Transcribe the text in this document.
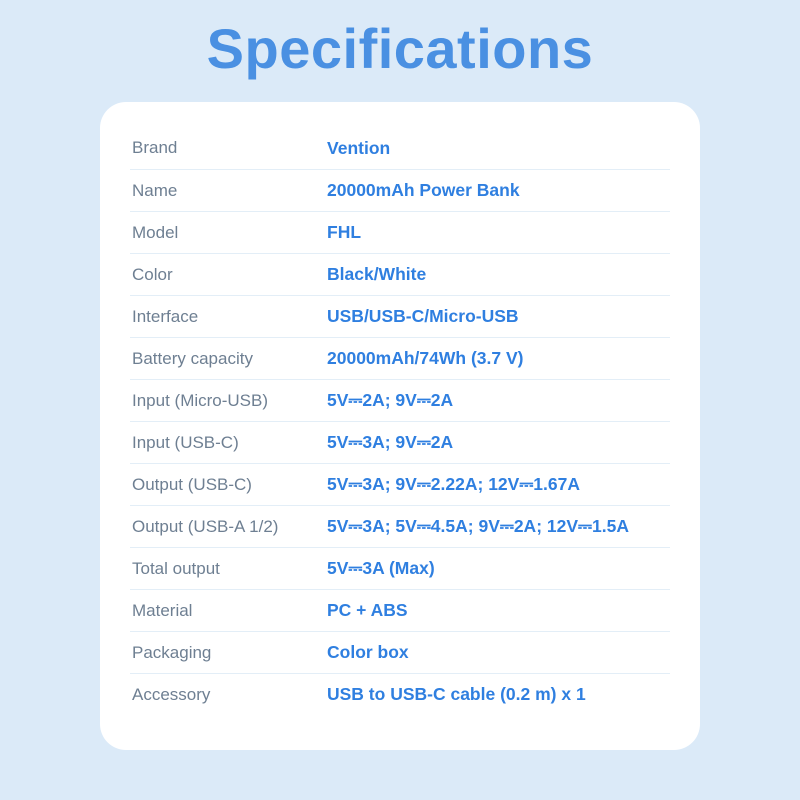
Specifications
Brand	Vention
Name	20000mAh Power Bank
Model	FHL
Color	Black/White
Interface	USB/USB-C/Micro-USB
Battery capacity	20000mAh/74Wh (3.7 V)
Input (Micro-USB)	5V⎓2A; 9V⎓2A
Input (USB-C)	5V⎓3A; 9V⎓2A
Output (USB-C)	5V⎓3A; 9V⎓2.22A; 12V⎓1.67A
Output (USB-A 1/2)	5V⎓3A; 5V⎓4.5A; 9V⎓2A; 12V⎓1.5A
Total output	5V⎓3A (Max)
Material	PC + ABS
Packaging	Color box
Accessory	USB to USB-C cable (0.2 m) x 1
